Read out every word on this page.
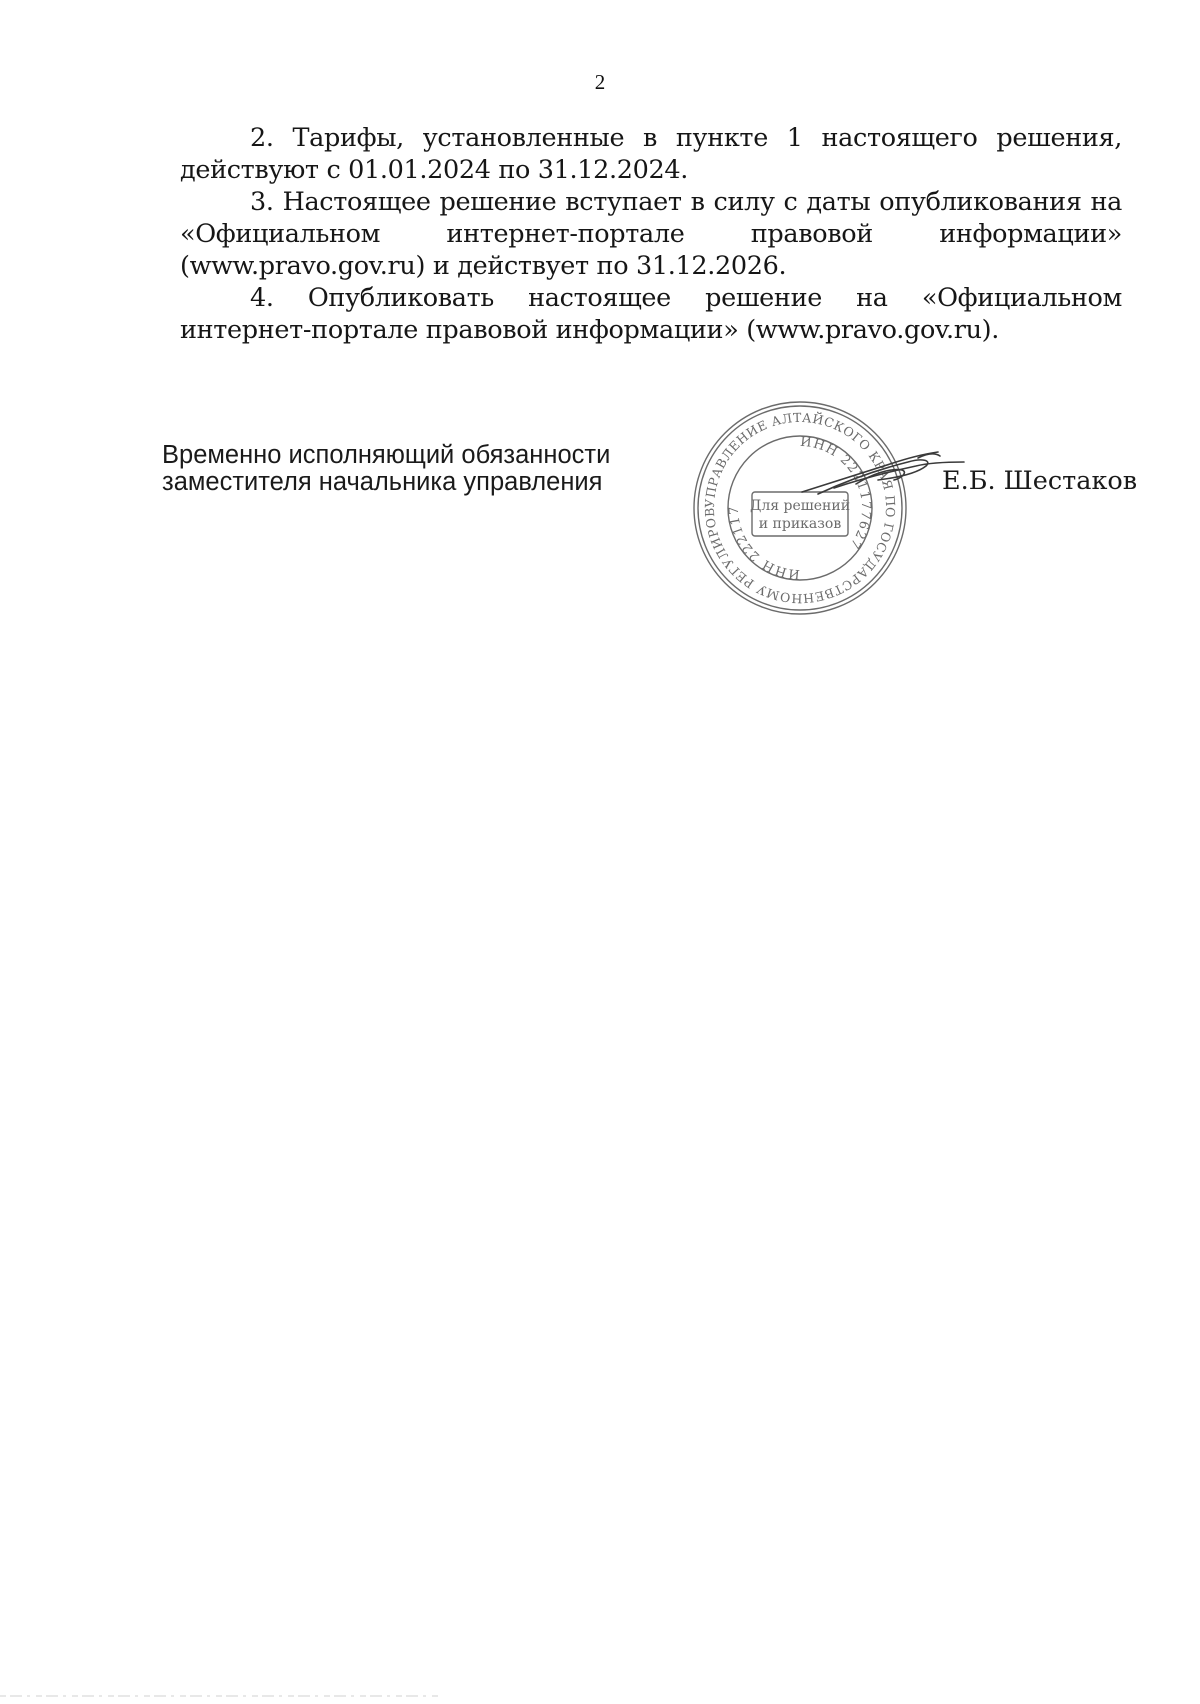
2

2. Тарифы, установленные в пункте 1 настоящего решения, действуют с 01.01.2024 по 31.12.2024.

3. Настоящее решение вступает в силу с даты опубликования на «Официальном интернет-портале правовой информации» (www.pravo.gov.ru) и действует по 31.12.2026.

4. Опубликовать настоящее решение на «Официальном интернет-портале правовой информации» (www.pravo.gov.ru).

Временно исполняющий обязанности
заместителя начальника управления
УПРАВЛЕНИЕ АЛТАЙСКОГО КРАЯ ПО ГОСУДАРСТВЕННОМУ РЕГУЛИРОВ
ИНН 2221177627
ИНН 222117 Для решений
и приказов
Е.Б. Шестаков
